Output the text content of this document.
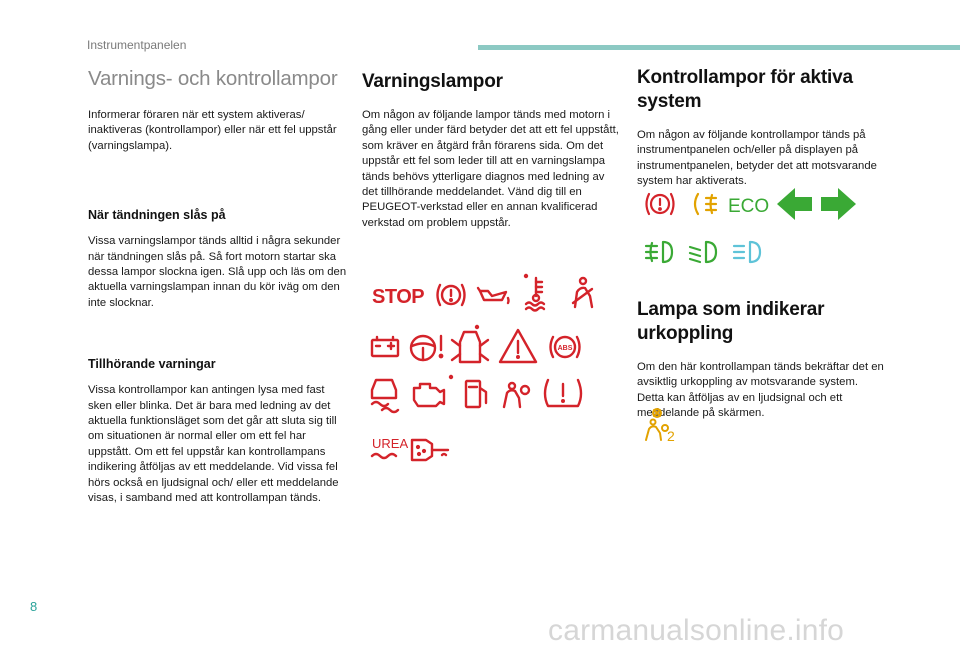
Instrumentpanelen
Varnings- och kontrollampor

Informerar föraren när ett system aktiveras/ inaktiveras (kontrollampor) eller när ett fel uppstår (varningslampa).

När tändningen slås på

Vissa varningslampor tänds alltid i några sekunder när tändningen slås på. Så fort motorn startar ska dessa lampor slockna igen. Slå upp och läs om den aktuella varningslampan innan du kör iväg om den inte slocknar.

Tillhörande varningar

Vissa kontrollampor kan antingen lysa med fast sken eller blinka. Det är bara med ledning av det aktuella funktionsläget som det går att sluta sig till om situationen är normal eller om ett fel har uppstått. Om ett fel uppstår kan kontrollampans indikering åtföljas av ett meddelande. Vid vissa fel hörs också en ljudsignal och/ eller ett meddelande visas, i samband med att kontrollampan tänds.

Varningslampor

Om någon av följande lampor tänds med motorn i gång eller under färd betyder det att ett fel uppstått, som kräver en åtgärd från förarens sida. Om det uppstår ett fel som leder till att en varningslampa tänds behövs ytterligare diagnos med ledning av det tillhörande meddelandet. Vänd dig till en PEUGEOT-verkstad eller en annan kvalificerad verkstad om problem uppstår.

STOP
ABS
UREA
Kontrollampor för aktiva system

Om någon av följande kontrollampor tänds på instrumentpanelen och/eller på displayen på instrumentpanelen, betyder det att motsvarande system har aktiverats.

ECO
Lampa som indikerar urkoppling

Om den här kontrollampan tänds bekräftar det en avsiktlig urkoppling av motsvarande system. Detta kan åtföljas av en ljudsignal och ett meddelande på skärmen.

2
8
carmanualsonline.info
